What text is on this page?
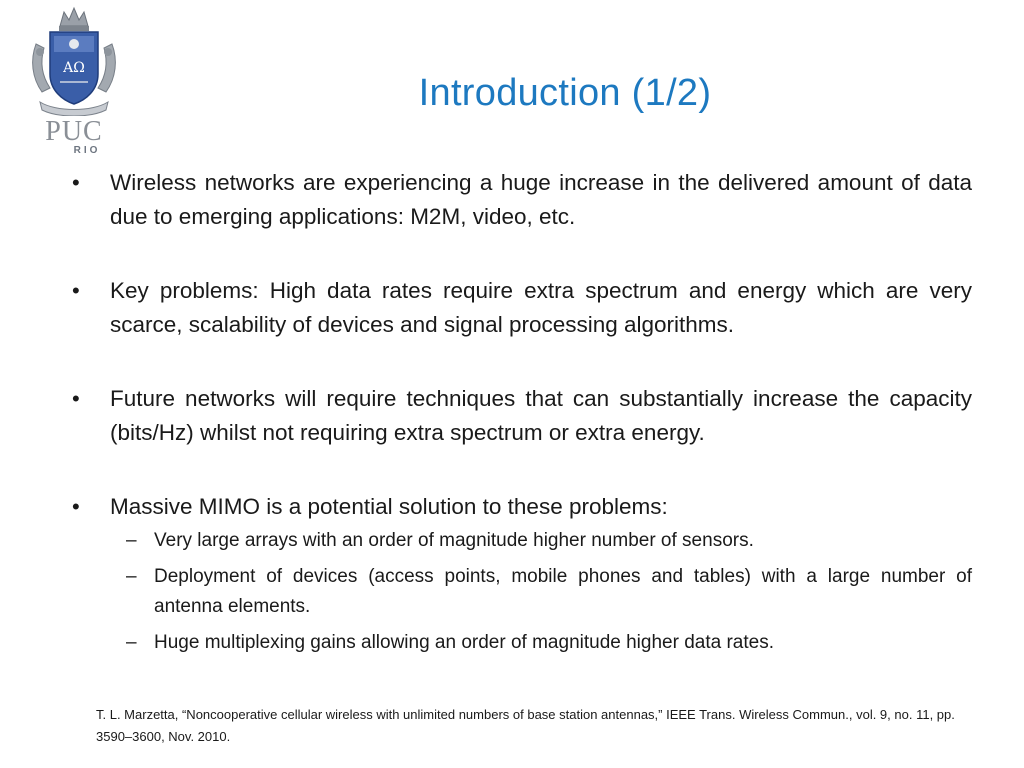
ΑΩ
PUC
RIO
Introduction (1/2)
• Wireless networks are experiencing a huge increase in the delivered amount of data due to emerging applications: M2M, video, etc.
• Key problems: High data rates require extra spectrum and energy which are very scarce, scalability of devices and signal processing algorithms.
• Future networks will require techniques that can substantially increase the capacity (bits/Hz) whilst not requiring extra spectrum or extra energy.
• Massive MIMO is a potential solution to these problems:
– Very large arrays with an order of magnitude higher number of sensors.
– Deployment of devices (access points, mobile phones and tables) with a large number of antenna elements.
– Huge multiplexing gains allowing an order of magnitude higher data rates.
T. L. Marzetta, “Noncooperative cellular wireless with unlimited numbers of base station antennas,” IEEE Trans. Wireless Commun., vol. 9, no. 11, pp. 3590–3600, Nov. 2010.
